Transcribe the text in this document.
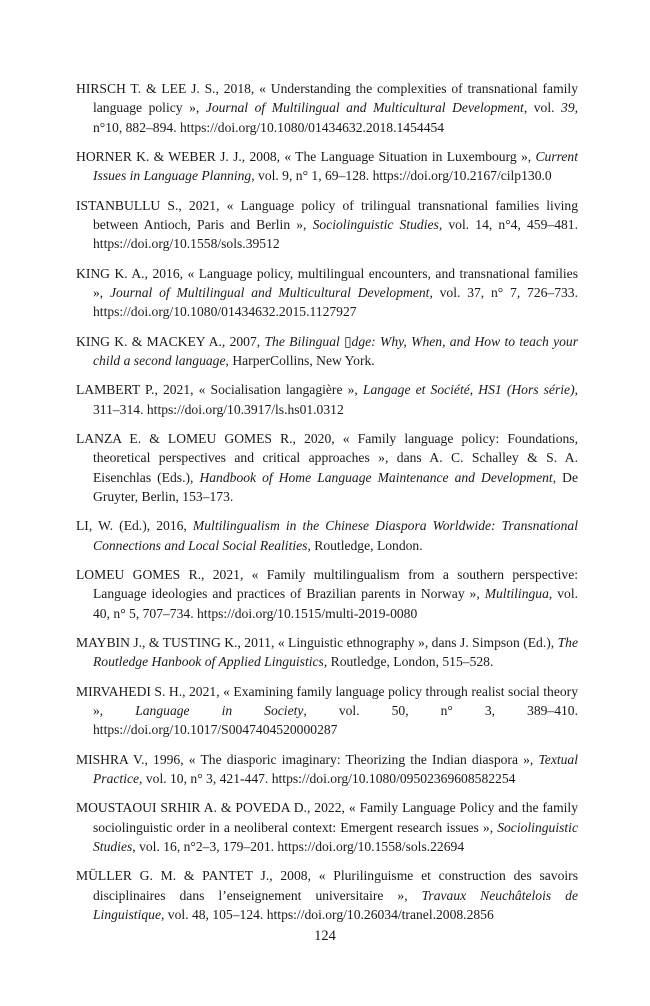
HIRSCH T. & LEE J. S., 2018, « Understanding the complexities of transnational family language policy », Journal of Multilingual and Multicultural Development, vol. 39, n°10, 882–894. https://doi.org/10.1080/01434632.2018.1454454

HORNER K. & WEBER J. J., 2008, « The Language Situation in Luxembourg », Current Issues in Language Planning, vol. 9, n° 1, 69–128. https://doi.org/10.2167/cilp130.0

ISTANBULLU S., 2021, « Language policy of trilingual transnational families living between Antioch, Paris and Berlin », Sociolinguistic Studies, vol. 14, n°4, 459–481. https://doi.org/10.1558/sols.39512

KING K. A., 2016, « Language policy, multilingual encounters, and transnational families », Journal of Multilingual and Multicultural Development, vol. 37, n° 7, 726–733. https://doi.org/10.1080/01434632.2015.1127927

KING K. & MACKEY A., 2007, The Bilingual ▯dge: Why, When, and How to teach your child a second language, HarperCollins, New York.

LAMBERT P., 2021, « Socialisation langagière », Langage et Société, HS1 (Hors série), 311–314. https://doi.org/10.3917/ls.hs01.0312

LANZA E. & LOMEU GOMES R., 2020, « Family language policy: Foundations, theoretical perspectives and critical approaches », dans A. C. Schalley & S. A. Eisenchlas (Eds.), Handbook of Home Language Maintenance and Development, De Gruyter, Berlin, 153–173.

LI, W. (Ed.), 2016, Multilingualism in the Chinese Diaspora Worldwide: Transnational Connections and Local Social Realities, Routledge, London.

LOMEU GOMES R., 2021, « Family multilingualism from a southern perspective: Language ideologies and practices of Brazilian parents in Norway », Multilingua, vol. 40, n° 5, 707–734. https://doi.org/10.1515/multi-2019-0080

MAYBIN J., & TUSTING K., 2011, « Linguistic ethnography », dans J. Simpson (Ed.), The Routledge Hanbook of Applied Linguistics, Routledge, London, 515–528.

MIRVAHEDI S. H., 2021, « Examining family language policy through realist social theory », Language in Society, vol. 50, n° 3, 389–410. https://doi.org/10.1017/S0047404520000287

MISHRA V., 1996, « The diasporic imaginary: Theorizing the Indian diaspora », Textual Practice, vol. 10, n° 3, 421-447. https://doi.org/10.1080/09502369608582254

MOUSTAOUI SRHIR A. & POVEDA D., 2022, « Family Language Policy and the family sociolinguistic order in a neoliberal context: Emergent research issues », Sociolinguistic Studies, vol. 16, n°2–3, 179–201. https://doi.org/10.1558/sols.22694

MÜLLER G. M. & PANTET J., 2008, « Plurilinguisme et construction des savoirs disciplinaires dans l’enseignement universitaire », Travaux Neuchâtelois de Linguistique, vol. 48, 105–124. https://doi.org/10.26034/tranel.2008.2856

124
